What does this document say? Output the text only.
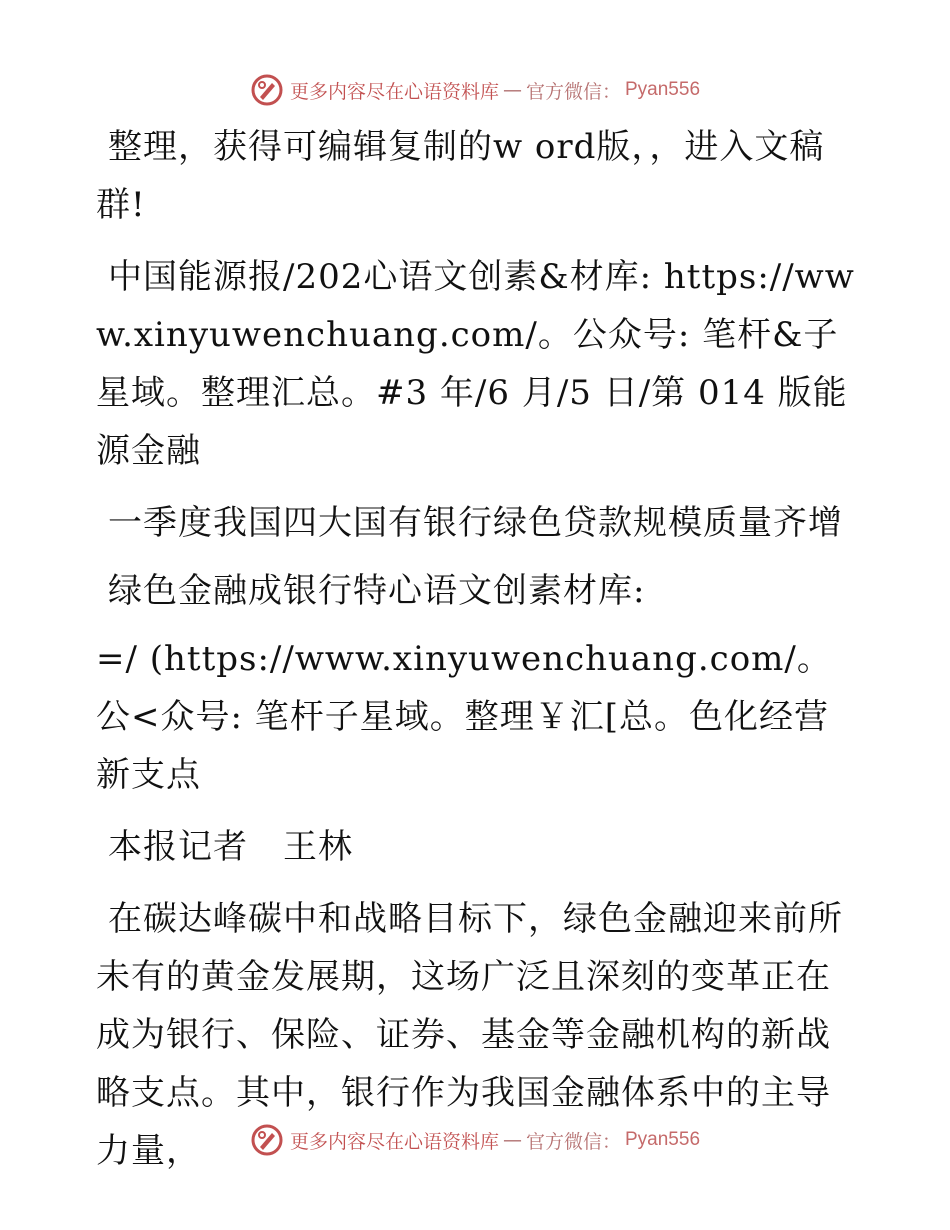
更多内容尽在心语资料库 — 官方微信： Pyan556

整理，获得可编辑复制的w ord版，，进入文稿群!

中国能源报/202心语文创素&材库: https://www.xinyuwenchuang.com/。公众号: 笔杆&子星域。整理汇总。#3 年/6 月/5 日/第 014 版能源金融

一季度我国四大国有银行绿色贷款规模质量齐增

绿色金融成银行特心语文创素材库:

=/ (https://www.xinyuwenchuang.com/。公<众号: 笔杆子星域。整理￥汇[总。色化经营新支点

本报记者　王林

在碳达峰碳中和战略目标下，绿色金融迎来前所未有的黄金发展期，这场广泛且深刻的变革正在成为银行、保险、证券、基金等金融机构的新战略支点。其中，银行作为我国金融体系中的主导力量，	更多内容尽在心语资料库 — 官方微信： Pyan556
